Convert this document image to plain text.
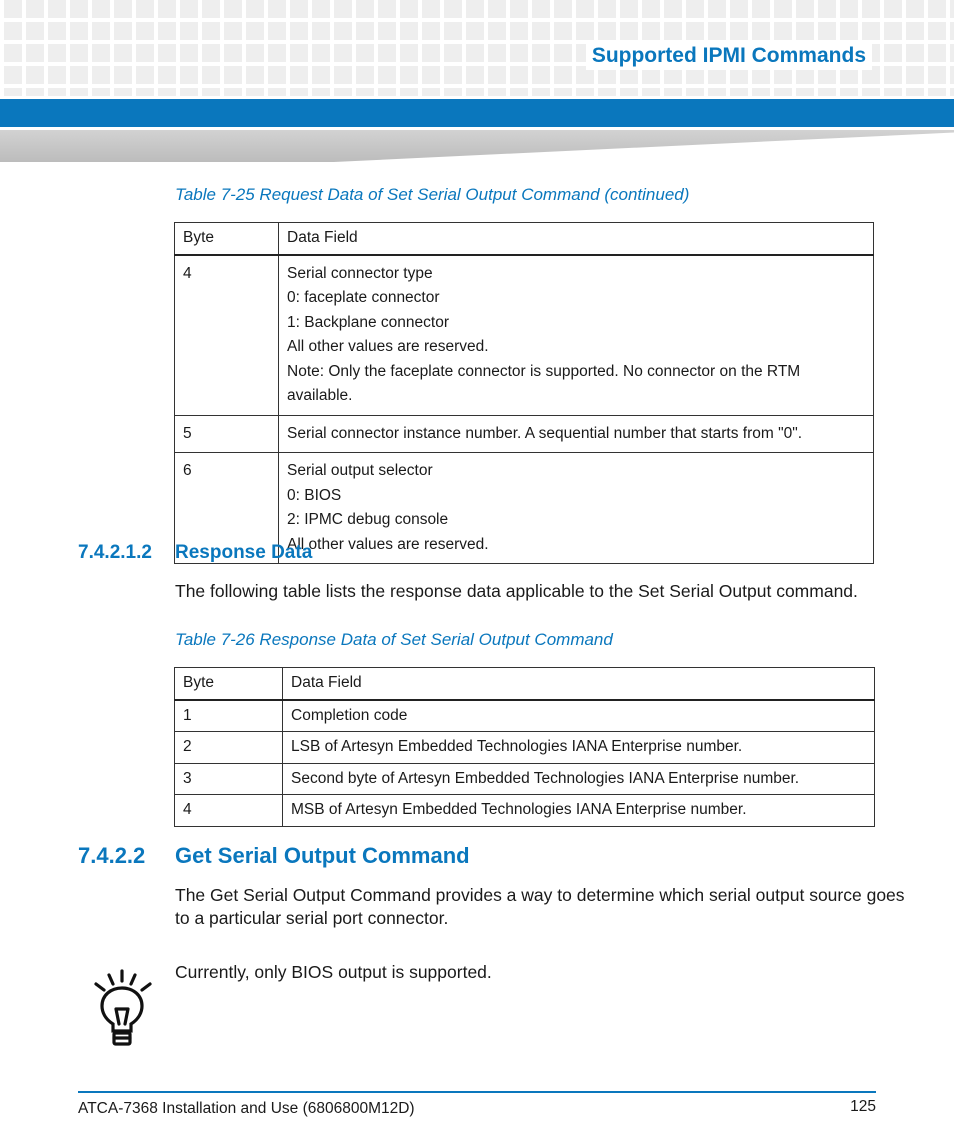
Supported IPMI Commands
Table 7-25 Request Data of Set Serial Output Command (continued)
Byte	Data Field
4	Serial connector type
0: faceplate connector
1: Backplane connector
All other values are reserved.
Note: Only the faceplate connector is supported. No connector on the RTM available.

5	Serial connector instance number. A sequential number that starts from "0".

6	Serial output selector
0: BIOS
2: IPMC debug console
All other values are reserved.
7.4.2.1.2 Response Data
The following table lists the response data applicable to the Set Serial Output command.
Table 7-26 Response Data of Set Serial Output Command
Byte	Data Field
1	Completion code
2	LSB of Artesyn Embedded Technologies IANA Enterprise number.
3	Second byte of Artesyn Embedded Technologies IANA Enterprise number.
4	MSB of Artesyn Embedded Technologies IANA Enterprise number.
7.4.2.2 Get Serial Output Command
The Get Serial Output Command provides a way to determine which serial output source goes
to a particular serial port connector.
Currently, only BIOS output is supported.
ATCA-7368 Installation and Use (6806800M12D)	125
